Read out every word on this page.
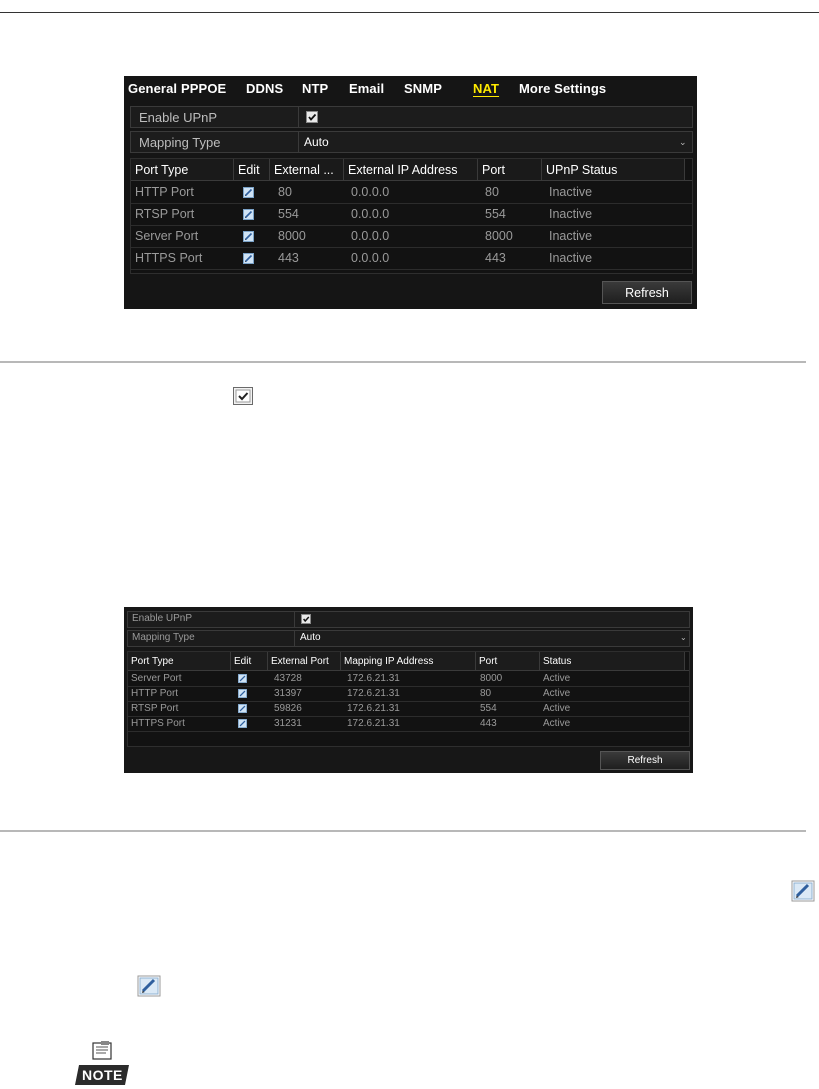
General PPPOE DDNS NTP Email SNMP NAT More Settings
Enable UPnP
Mapping Type	Auto	⌄
Port Type	Edit	External ...	External IP Address	Port	UPnP Status
HTTP Port	80	0.0.0.0	80	Inactive
RTSP Port	554	0.0.0.0	554	Inactive
Server Port	8000	0.0.0.0	8000	Inactive
HTTPS Port	443	0.0.0.0	443	Inactive
Refresh
Enable UPnP
Mapping Type	Auto	⌄
Port Type	Edit	External Port	Mapping IP Address	Port	Status
Server Port	43728	172.6.21.31	8000	Active
HTTP Port	31397	172.6.21.31	80	Active
RTSP Port	59826	172.6.21.31	554	Active
HTTPS Port	31231	172.6.21.31	443	Active
Refresh
NOTE
